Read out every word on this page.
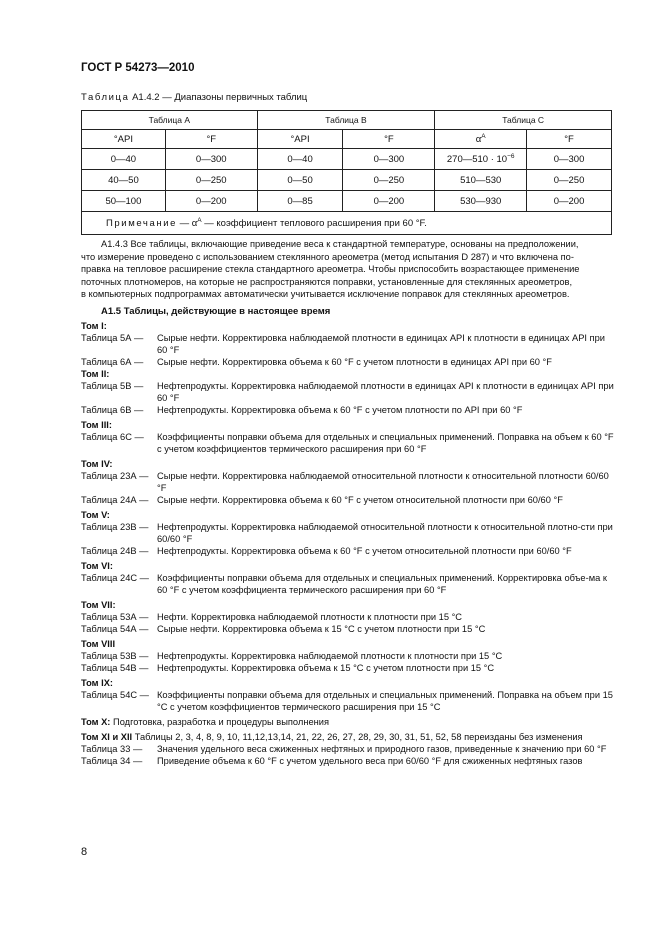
ГОСТ Р 54273—2010
Таблица А1.4.2 — Диапазоны первичных таблиц
Таблица А		Таблица В		Таблица С	
°API	°F	°API	°F	$\alpha^A$	°F
0—40	0—300	0—40	0—300	270—510 · $10^{-6}$	0—300
40—50	0—250	0—50	0—250	510—530	0—250
50—100	0—200	0—85	0—200	530—930	0—200
Примечание — $\alpha^A$ — коэффициент теплового расширения при 60 °F.					
А1.4.3 Все таблицы, включающие приведение веса к стандартной температуре, основаны на предположении,
что измерение проведено с использованием стеклянного ареометра (метод испытания D 287) и что включена по-
правка на тепловое расширение стекла стандартного ареометра. Чтобы приспособить возрастающее применение
поточных плотномеров, на которые не распространяются поправки, установленные для стеклянных ареометров,
в компьютерных подпрограммах автоматически учитывается исключение поправок для стеклянных ареометров.
А1.5 Таблицы, действующие в настоящее время
Том I:
Таблица 5А —	Сырые нефти. Корректировка наблюдаемой плотности в единицах API к плотности в единицах API при 60 °F
Таблица 6А —	Сырые нефти. Корректировка объема к 60 °F с учетом плотности в единицах API при 60 °F
Том II:
Таблица 5В —	Нефтепродукты. Корректировка наблюдаемой плотности в единицах API к плотности в единицах API при 60 °F
Таблица 6В —	Нефтепродукты. Корректировка объема к 60 °F с учетом плотности по API при 60 °F
Том III:
Таблица 6С —	Коэффициенты поправки объема для отдельных и специальных применений. Поправка на объем к 60 °F с учетом коэффициентов термического расширения при 60 °F
Том IV:
Таблица 23А — Сырые нефти. Корректировка наблюдаемой относительной плотности к относительной плотности 60/60 °F
Таблица 24А — Сырые нефти. Корректировка объема к 60 °F с учетом относительной плотности при 60/60 °F
Том V:
Таблица 23В — Нефтепродукты. Корректировка наблюдаемой относительной плотности к относительной плотно-сти при 60/60 °F
Таблица 24В — Нефтепродукты. Корректировка объема к 60 °F с учетом относительной плотности при 60/60 °F
Том VI:
Таблица 24С — Коэффициенты поправки объема для отдельных и специальных применений. Корректировка объе-ма к 60 °F с учетом коэффициента термического расширения при 60 °F
Том VII:
Таблица 53А — Нефти. Корректировка наблюдаемой плотности к плотности при 15 °С
Таблица 54А — Сырые нефти. Корректировка объема к 15 °С с учетом плотности при 15 °С
Том VIII
Таблица 53В — Нефтепродукты. Корректировка наблюдаемой плотности к плотности при 15 °С
Таблица 54В — Нефтепродукты. Корректировка объема к 15 °С с учетом плотности при 15 °С
Том IX:
Таблица 54С — Коэффициенты поправки объема для отдельных и специальных применений. Поправка на объем при 15 °С с учетом коэффициентов термического расширения при 15 °С
Том X: Подготовка, разработка и процедуры выполнения
Том XI и XII Таблицы 2, 3, 4, 8, 9, 10, 11,12,13,14, 21, 22, 26, 27, 28, 29, 30, 31, 51, 52, 58 переизданы без изменения
Таблица 33 —	Значения удельного веса сжиженных нефтяных и природного газов, приведенные к значению при 60 °F
Таблица 34 —	Приведение объема к 60 °F с учетом удельного веса при 60/60 °F для сжиженных нефтяных газов
8
